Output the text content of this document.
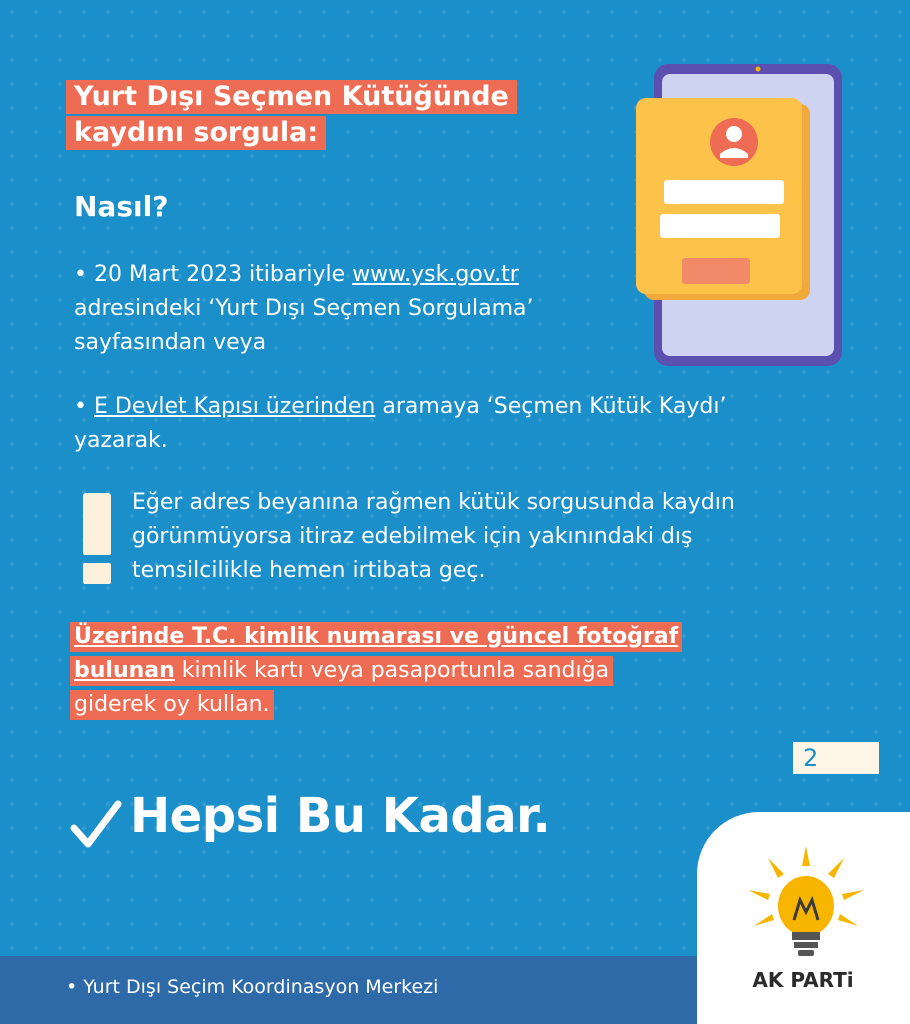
Yurt Dışı Seçmen Kütüğünde
kaydını sorgula:
Nasıl?
• 20 Mart 2023 itibariyle www.ysk.gov.tr adresindeki ‘Yurt Dışı Seçmen Sorgulama’ sayfasından veya
• E Devlet Kapısı üzerinden aramaya ‘Seçmen Kütük Kaydı’ yazarak.
Eğer adres beyanına rağmen kütük sorgusunda kaydın görünmüyorsa itiraz edebilmek için yakınındaki dış temsilcilikle hemen irtibata geç.
Üzerinde T.C. kimlik numarası ve güncel fotoğraf
bulunan kimlik kartı veya pasaportunla sandığa
giderek oy kullan.
2
Hepsi Bu Kadar.
• Yurt Dışı Seçim Koordinasyon Merkezi	AK PARTi
